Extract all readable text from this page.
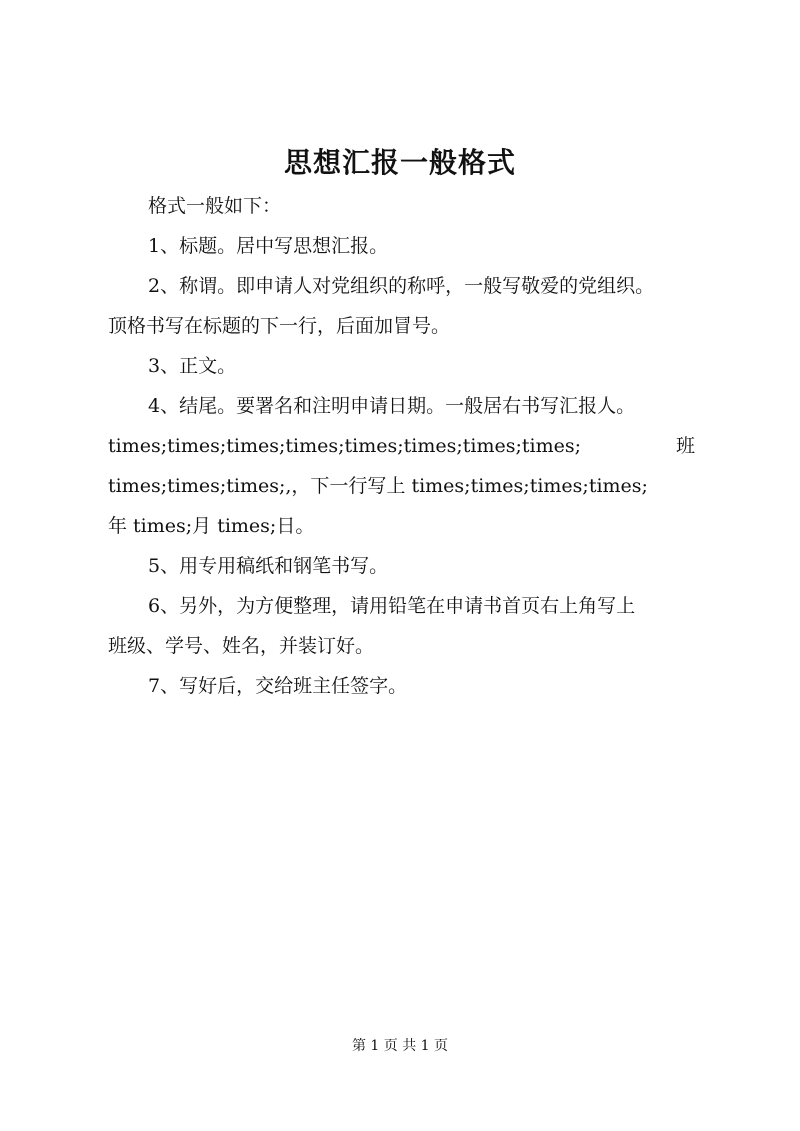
思想汇报一般格式
格式一般如下：
1、标题。居中写思想汇报。
2、称谓。即申请人对党组织的称呼，一般写敬爱的党组织。
顶格书写在标题的下一行，后面加冒号。
3、正文。
4、结尾。要署名和注明申请日期。一般居右书写汇报人。
times;times;times;times;times;times;times;times;	班
times;times;times;,，下一行写上 times;times;times;times;
年 times;月 times;日。
5、用专用稿纸和钢笔书写。
6、另外，为方便整理，请用铅笔在申请书首页右上角写上
班级、学号、姓名，并装订好。
7、写好后，交给班主任签字。
第 1 页 共 1 页
